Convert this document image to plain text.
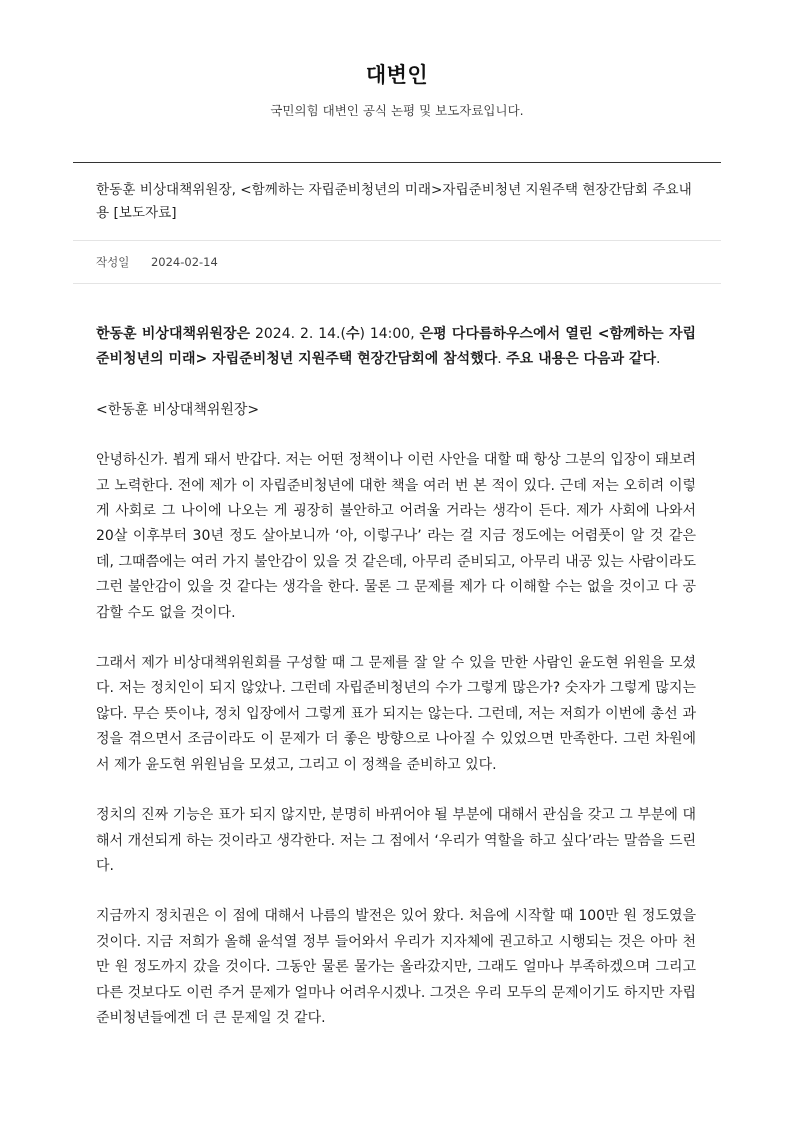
대변인

국민의힘 대변인 공식 논평 및 보도자료입니다.

한동훈 비상대책위원장, <함께하는 자립준비청년의 미래>자립준비청년 지원주택 현장간담회 주요내용 [보도자료]
작성일 2024-02-14

한동훈 비상대책위원장은 2024. 2. 14.(수) 14:00, 은평 다다름하우스에서 열린 <함께하는 자립준비청년의 미래> 자립준비청년 지원주택 현장간담회에 참석했다. 주요 내용은 다음과 같다.

<한동훈 비상대책위원장>

안녕하신가. 뵙게 돼서 반갑다. 저는 어떤 정책이나 이런 사안을 대할 때 항상 그분의 입장이 돼보려고 노력한다. 전에 제가 이 자립준비청년에 대한 책을 여러 번 본 적이 있다. 근데 저는 오히려 이렇게 사회로 그 나이에 나오는 게 굉장히 불안하고 어려울 거라는 생각이 든다. 제가 사회에 나와서 20살 이후부터 30년 정도 살아보니까 ‘아, 이렇구나’ 라는 걸 지금 정도에는 어렴풋이 알 것 같은데, 그때쯤에는 여러 가지 불안감이 있을 것 같은데, 아무리 준비되고, 아무리 내공 있는 사람이라도 그런 불안감이 있을 것 같다는 생각을 한다. 물론 그 문제를 제가 다 이해할 수는 없을 것이고 다 공감할 수도 없을 것이다.

그래서 제가 비상대책위원회를 구성할 때 그 문제를 잘 알 수 있을 만한 사람인 윤도현 위원을 모셨다. 저는 정치인이 되지 않았나. 그런데 자립준비청년의 수가 그렇게 많은가? 숫자가 그렇게 많지는 않다. 무슨 뜻이냐, 정치 입장에서 그렇게 표가 되지는 않는다. 그런데, 저는 저희가 이번에 총선 과정을 겪으면서 조금이라도 이 문제가 더 좋은 방향으로 나아질 수 있었으면 만족한다. 그런 차원에서 제가 윤도현 위원님을 모셨고, 그리고 이 정책을 준비하고 있다.

정치의 진짜 기능은 표가 되지 않지만, 분명히 바뀌어야 될 부분에 대해서 관심을 갖고 그 부분에 대해서 개선되게 하는 것이라고 생각한다. 저는 그 점에서 ‘우리가 역할을 하고 싶다’라는 말씀을 드린다.

지금까지 정치권은 이 점에 대해서 나름의 발전은 있어 왔다. 처음에 시작할 때 100만 원 정도였을 것이다. 지금 저희가 올해 윤석열 정부 들어와서 우리가 지자체에 권고하고 시행되는 것은 아마 천만 원 정도까지 갔을 것이다. 그동안 물론 물가는 올라갔지만, 그래도 얼마나 부족하겠으며 그리고 다른 것보다도 이런 주거 문제가 얼마나 어려우시겠나. 그것은 우리 모두의 문제이기도 하지만 자립준비청년들에겐 더 큰 문제일 것 같다.
